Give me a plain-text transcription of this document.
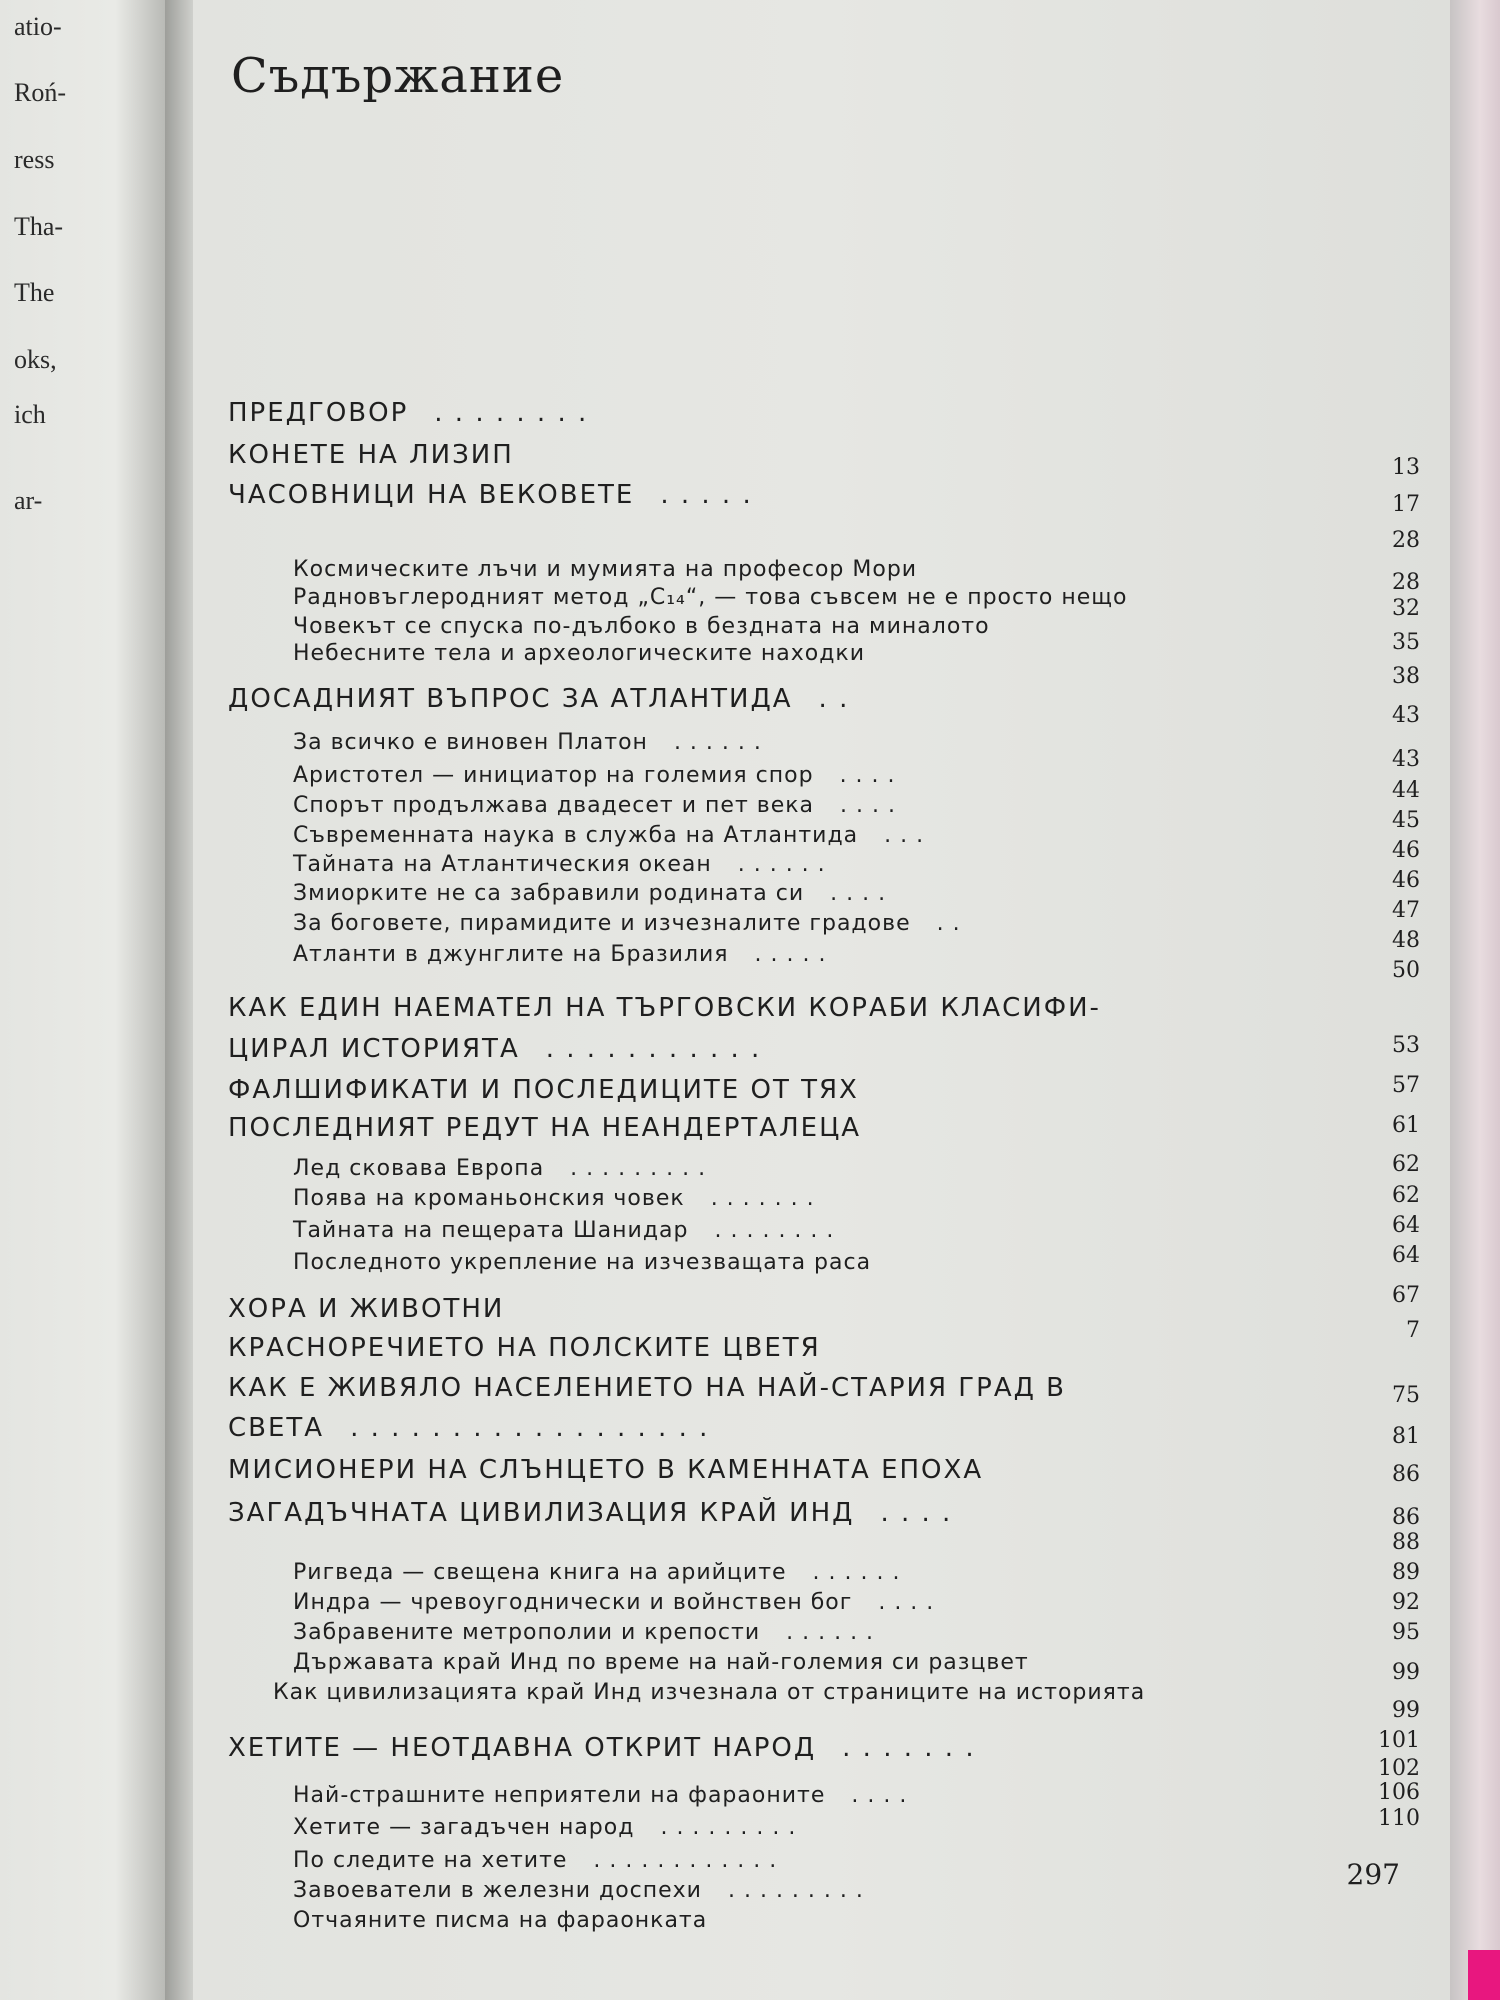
atio-
Roń-
ress
Tha-
The
oks,
ich
ar-
Съдържание
ПРЕДГОВОР . . . . . . . .
КОНЕТЕ НА ЛИЗИП
ЧАСОВНИЦИ НА ВЕКОВЕТЕ . . . . .
Космическите лъчи и мумията на професор Мори
Радновъглеродният метод „C₁₄“, — това съвсем не е просто нещо
Човекът се спуска по-дълбоко в бездната на миналото
Небесните тела и археологическите находки
ДОСАДНИЯТ ВЪПРОС ЗА АТЛАНТИДА . .
За всичко е виновен Платон . . . . . .
Аристотел — инициатор на големия спор . . . .
Спорът продължава двадесет и пет века . . . .
Съвременната наука в служба на Атлантида . . .
Тайната на Атлантическия океан . . . . . .
Змиорките не са забравили родината си . . . .
За боговете, пирамидите и изчезналите градове . .
Атланти в джунглите на Бразилия . . . . .
КАК ЕДИН НАЕМАТЕЛ НА ТЪРГОВСКИ КОРАБИ КЛАСИФИ-
ЦИРАЛ ИСТОРИЯТА . . . . . . . . . . .
ФАЛШИФИКАТИ И ПОСЛЕДИЦИТЕ ОТ ТЯХ
ПОСЛЕДНИЯТ РЕДУТ НА НЕАНДЕРТАЛЕЦА
Лед сковава Европа . . . . . . . . .
Поява на кроманьонския човек . . . . . . .
Тайната на пещерата Шанидар . . . . . . . .
Последното укрепление на изчезващата раса
ХОРА И ЖИВОТНИ
КРАСНОРЕЧИЕТО НА ПОЛСКИТЕ ЦВЕТЯ
КАК Е ЖИВЯЛО НАСЕЛЕНИЕТО НА НАЙ-СТАРИЯ ГРАД В
СВЕТА . . . . . . . . . . . . . . . . . .
МИСИОНЕРИ НА СЛЪНЦЕТО В КАМЕННАТА ЕПОХА
ЗАГАДЪЧНАТА ЦИВИЛИЗАЦИЯ КРАЙ ИНД . . . .
Ригведа — свещена книга на арийците . . . . . .
Индра — чревоугоднически и войнствен бог . . . .
Забравените метрополии и крепости . . . . . .
Държавата край Инд по време на най-големия си разцвет
Как цивилизацията край Инд изчезнала от страниците на историята
ХЕТИТЕ — НЕОТДАВНА ОТКРИТ НАРОД . . . . . . .
Най-страшните неприятели на фараоните . . . .
Хетите — загадъчен народ . . . . . . . . .
По следите на хетите . . . . . . . . . . . .
Завоеватели в железни доспехи . . . . . . . . .
Отчаяните писма на фараонката
13
17
28
28
32
35
38
43
43
44
45
46
46
47
48
50
53
57
61
62
62
64
64
67
7
75
81
86
86
88
89
92
95
99
99
101
102
106
110
297
